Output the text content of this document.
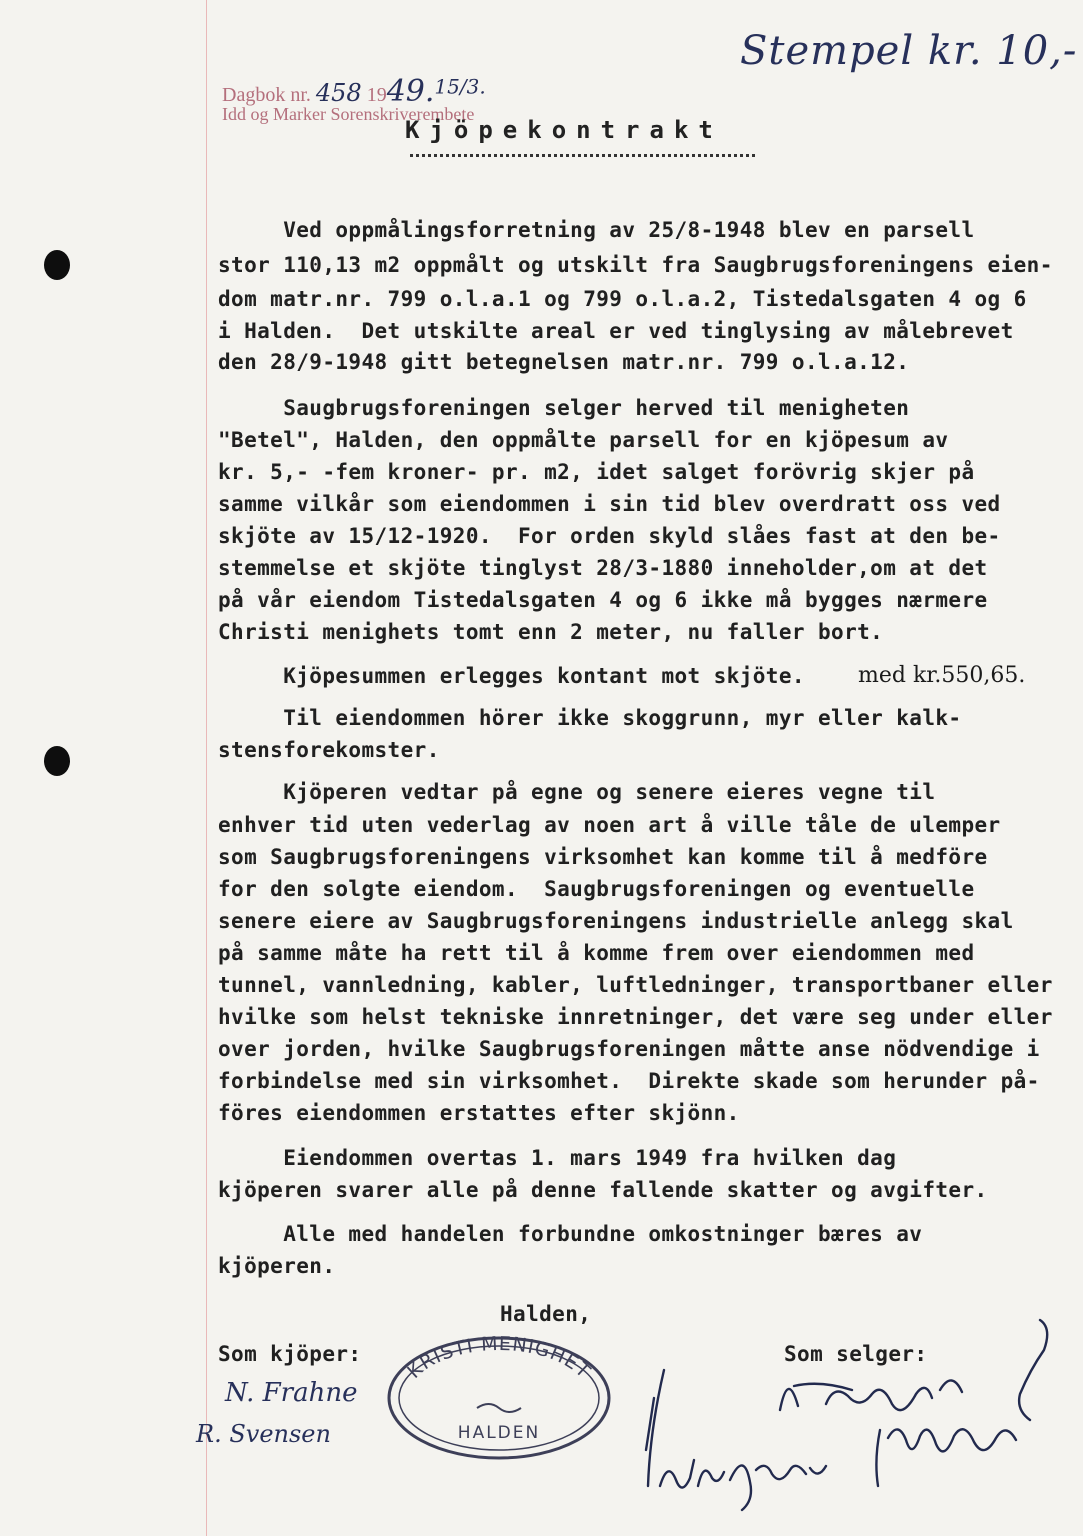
Dagbok nr. 458 1949.15/3.
Idd og Marker Sorenskriverembete
Stempel kr. 10,-
Kjöpekontrakt
Ved oppmålingsforretning av 25/8-1948 blev en parsell
stor 110,13 m2 oppmålt og utskilt fra Saugbrugsforeningens eien-
dom matr.nr. 799 o.l.a.1 og 799 o.l.a.2, Tistedalsgaten 4 og 6
i Halden.  Det utskilte areal er ved tinglysing av målebrevet
den 28/9-1948 gitt betegnelsen matr.nr. 799 o.l.a.12.
Saugbrugsforeningen selger herved til menigheten
"Betel", Halden, den oppmålte parsell for en kjöpesum av
kr. 5,- -fem kroner- pr. m2, idet salget forövrig skjer på
samme vilkår som eiendommen i sin tid blev overdratt oss ved
skjöte av 15/12-1920.  For orden skyld slåes fast at den be-
stemmelse et skjöte tinglyst 28/3-1880 inneholder,om at det
på vår eiendom Tistedalsgaten 4 og 6 ikke må bygges nærmere
Christi menighets tomt enn 2 meter, nu faller bort.
Kjöpesummen erlegges kontant mot skjöte. med kr.550,65.
Til eiendommen hörer ikke skoggrunn, myr eller kalk-
stensforekomster.
Kjöperen vedtar på egne og senere eieres vegne til
enhver tid uten vederlag av noen art å ville tåle de ulemper
som Saugbrugsforeningens virksomhet kan komme til å medföre
for den solgte eiendom.  Saugbrugsforeningen og eventuelle
senere eiere av Saugbrugsforeningens industrielle anlegg skal
på samme måte ha rett til å komme frem over eiendommen med
tunnel, vannledning, kabler, luftledninger, transportbaner eller
hvilke som helst tekniske innretninger, det være seg under eller
over jorden, hvilke Saugbrugsforeningen måtte anse nödvendige i
forbindelse med sin virksomhet.  Direkte skade som herunder på-
föres eiendommen erstattes efter skjönn.
Eiendommen overtas 1. mars 1949 fra hvilken dag
kjöperen svarer alle på denne fallende skatter og avgifter.
Alle med handelen forbundne omkostninger bæres av
kjöperen.
Halden,
Som kjöper:	Som selger:
N. Frahne
R. Svensen
KRISTI MENIGHET
HALDEN
